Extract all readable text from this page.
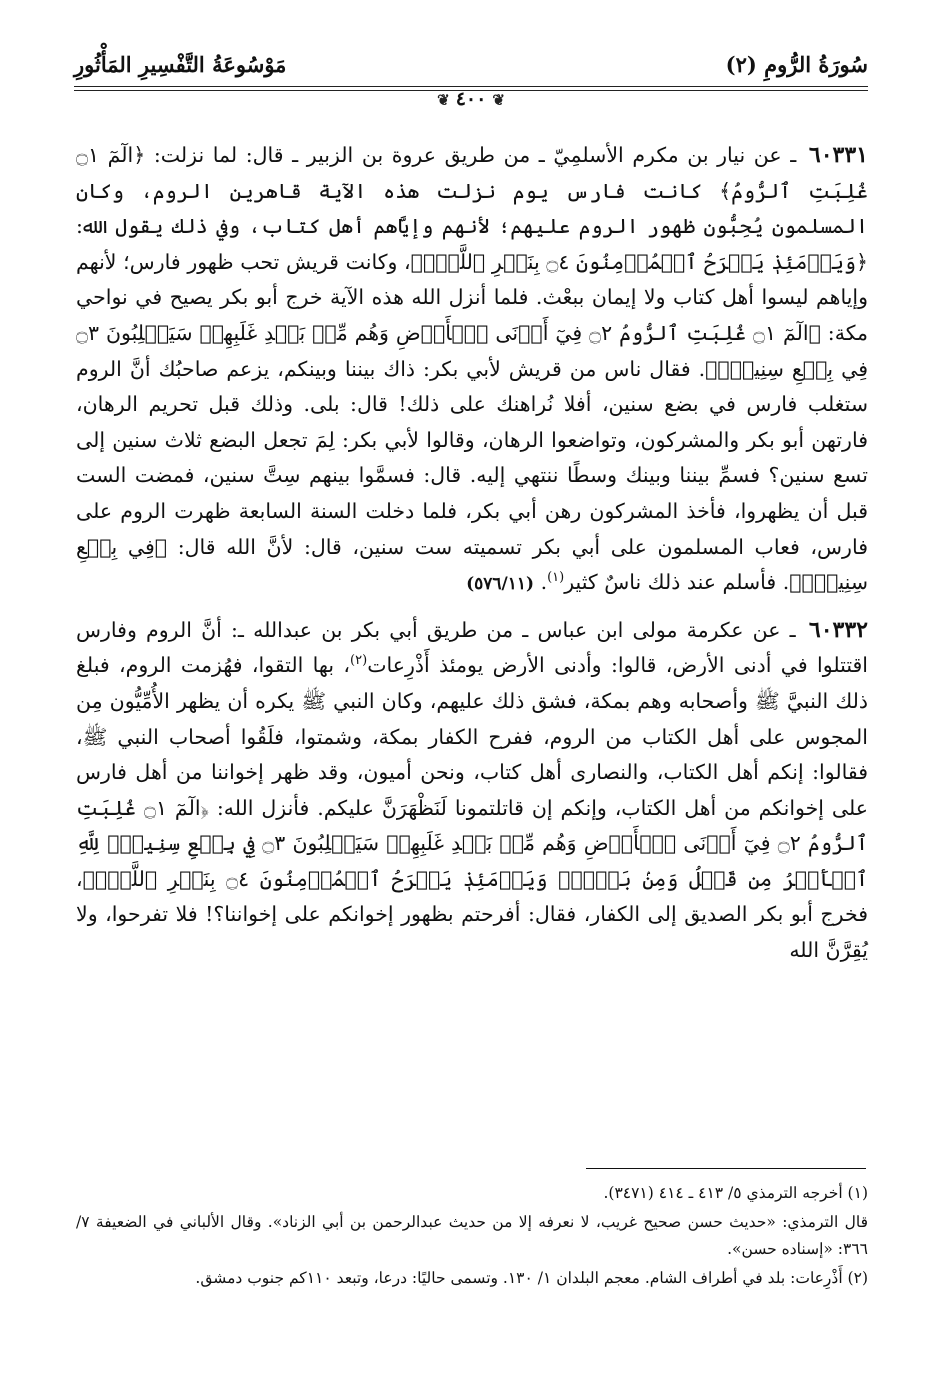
سُورَةُ الرُّومِ (٢)
مَوْسُوعَةُ التَّفْسِيرِ المَأْثُورِ
❦٤٠٠❦

٦٠٣٣١ ـ عن نيار بن مكرم الأسلمِيّ ـ من طريق عروة بن الزبير ـ قال: لما نزلت: ﴿الٓمٓ ۝١ غُلِبَتِ ٱلرُّومُ﴾ كانت فارس يوم نزلت هذه الآية قاهرين الروم، وكان المسلمون يُحِبُّون ظهور الروم عليهم؛ لأنهم وإيَّاهم أهل كتاب، وفي ذلك يقول الله: ﴿وَيَوۡمَئِذٖ يَفۡرَحُ ٱلۡمُؤۡمِنُونَ ۝٤ بِنَصۡرِ ٱللَّهِۚ﴾، وكانت قريش تحب ظهور فارس؛ لأنهم وإياهم ليسوا أهل كتاب ولا إيمان ببعْث. فلما أنزل الله هذه الآية خرج أبو بكر يصيح في نواحي مكة: ﴿الٓمٓ ۝١ غُلِبَتِ ٱلرُّومُ ۝٢ فِيٓ أَدۡنَى ٱلۡأَرۡضِ وَهُم مِّنۢ بَعۡدِ غَلَبِهِمۡ سَيَغۡلِبُونَ ۝٣ فِي بِضۡعِ سِنِينَۗ﴾. فقال ناس من قريش لأبي بكر: ذاك بيننا وبينكم، يزعم صاحبُك أنَّ الروم ستغلب فارس في بضع سنين، أفلا نُراهنك على ذلك! قال: بلى. وذلك قبل تحريم الرهان، فارتهن أبو بكر والمشركون، وتواضعوا الرهان، وقالوا لأبي بكر: لِمَ تجعل البضع ثلاث سنين إلى تسع سنين؟ فسمِّ بيننا وبينك وسطًا ننتهي إليه. قال: فسمَّوا بينهم سِتَّ سنين، فمضت الست قبل أن يظهروا، فأخذ المشركون رهن أبي بكر، فلما دخلت السنة السابعة ظهرت الروم على فارس، فعاب المسلمون على أبي بكر تسميته ست سنين، قال: لأنَّ الله قال: ﴿فِي بِضۡعِ سِنِينَۗ﴾. فأسلم عند ذلك ناسٌ كثير$^{(١)}$. (٥٧٦/١١)

٦٠٣٣٢ ـ عن عكرمة مولى ابن عباس ـ من طريق أبي بكر بن عبدالله ـ: أنَّ الروم وفارس اقتتلوا في أدنى الأرض، قالوا: وأدنى الأرض يومئذ أَذْرِعات$^{(٢)}$، بها التقوا، فهُزمت الروم، فبلغ ذلك النبيَّ ﷺ وأصحابه وهم بمكة، فشق ذلك عليهم، وكان النبي ﷺ يكره أن يظهر الأُمِّيُّون مِن المجوس على أهل الكتاب من الروم، ففرح الكفار بمكة، وشمتوا، فلَقُوا أصحاب النبي ﷺ، فقالوا: إنكم أهل الكتاب، والنصارى أهل كتاب، ونحن أميون، وقد ظهر إخواننا من أهل فارس على إخوانكم من أهل الكتاب، وإنكم إن قاتلتمونا لَنَظْهَرَنَّ عليكم. فأنزل الله: ﴿الٓمٓ ۝١ غُلِبَتِ ٱلرُّومُ ۝٢ فِيٓ أَدۡنَى ٱلۡأَرۡضِ وَهُم مِّنۢ بَعۡدِ غَلَبِهِمۡ سَيَغۡلِبُونَ ۝٣ فِي بِضۡعِ سِنِينَۗ لِلَّهِ ٱلۡأَمۡرُ مِن قَبۡلُ وَمِنۢ بَعۡدُۚ وَيَوۡمَئِذٖ يَفۡرَحُ ٱلۡمُؤۡمِنُونَ ۝٤ بِنَصۡرِ ٱللَّهِۚ﴾، فخرج أبو بكر الصديق إلى الكفار، فقال: أفرحتم بظهور إخوانكم على إخواننا؟! فلا تفرحوا، ولا يُقِرَّنَّ الله

(١) أخرجه الترمذي ٥/ ٤١٣ ـ ٤١٤ (٣٤٧١).

قال الترمذي: «حديث حسن صحيح غريب، لا نعرفه إلا من حديث عبدالرحمن بن أبي الزناد». وقال الألباني في الضعيفة ٧/ ٣٦٦: «إسناده حسن».

(٢) أَذْرِعات: بلد في أطراف الشام. معجم البلدان ١/ ١٣٠. وتسمى حاليًا: درعا، وتبعد ١١٠كم جنوب دمشق.
